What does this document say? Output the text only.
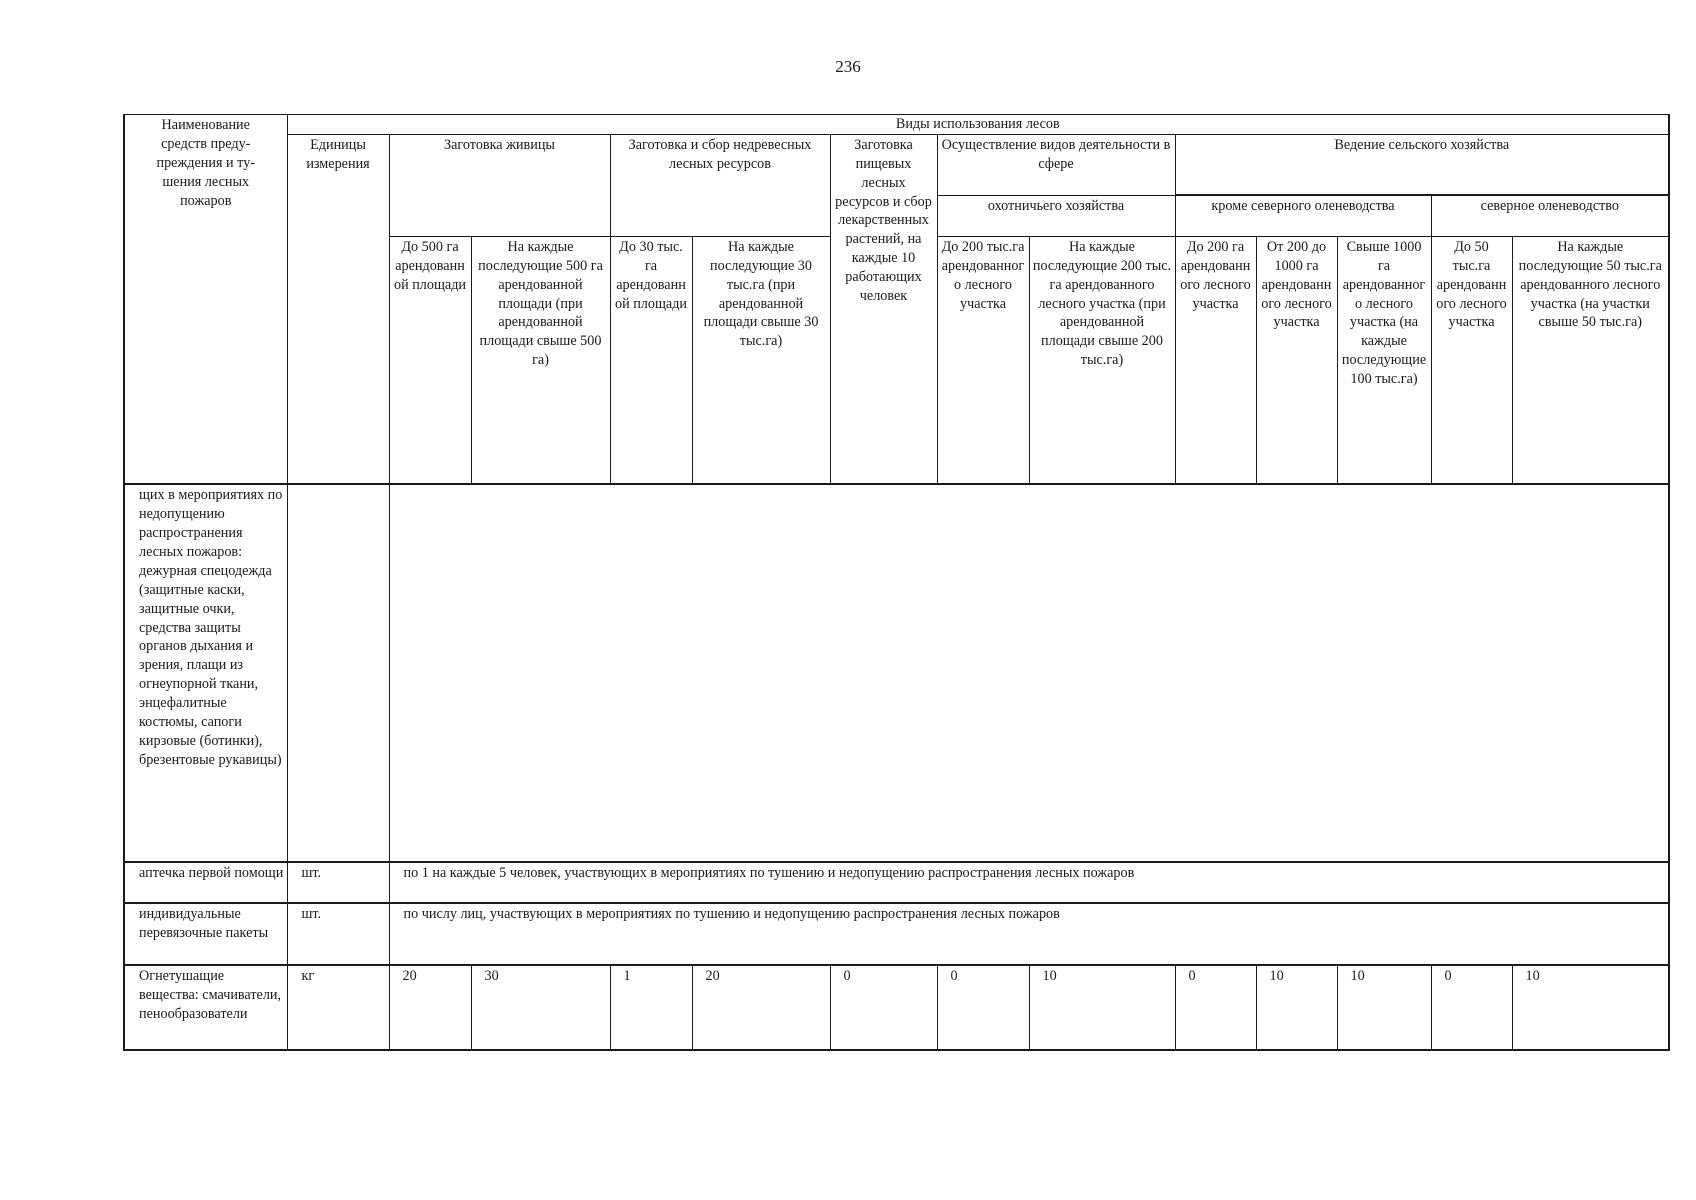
236
Наименование
средств преду-
преждения и ту-
шения лесных
пожаров	Виды использования лесов												
	Единицы измерения	Заготовка живицы		Заготовка и сбор недревесных лесных ресурсов		Заготовка пищевых лесных ресурсов и сбор лекарственных растений, на каждые 10 работающих человек	Осуществление видов деятельности в сфере		Ведение сельского хозяйства				
							охотничьего хозяйства		кроме северного оленеводства			северное оленеводство	
		До 500 га арендованной площади	На каждые последующие 500 га арендованной площади (при арендованной площади свыше 500 га)	До 30 тыс. га арендованной площади	На каждые последующие 30 тыс.га (при арендованной площади свыше 30 тыс.га)		До 200 тыс.га арендованного лесного участка	На каждые последующие 200 тыс. га арендованного лесного участка (при арендованной площади свыше 200 тыс.га)	До 200 га арендованного лесного участка	От 200 до 1000 га арендованного лесного участка	Свыше 1000 га арендованного лесного участка (на каждые последующие 100 тыс.га)	До 50 тыс.га арендованного лесного участка	На каждые последующие 50 тыс.га арендованного лесного участка (на участки свыше 50 тыс.га)
щих в мероприятиях по недопущению распространения лесных пожаров: дежурная спецодежда (защитные каски, защитные очки, средства защиты органов дыхания и зрения, плащи из огнеупорной ткани, энцефалитные костюмы, сапоги кирзовые (ботинки), брезентовые рукавицы)													
аптечка первой помощи	шт.	по 1 на каждые 5 человек, участвующих в мероприятиях по тушению и недопущению распространения лесных пожаров											
индивидуальные перевязочные пакеты	шт.	по числу лиц, участвующих в мероприятиях по тушению и недопущению распространения лесных пожаров											
Огнетушащие вещества: смачиватели, пенообразователи	кг	20	30	1	20	0	0	10	0	10	10	0	10
